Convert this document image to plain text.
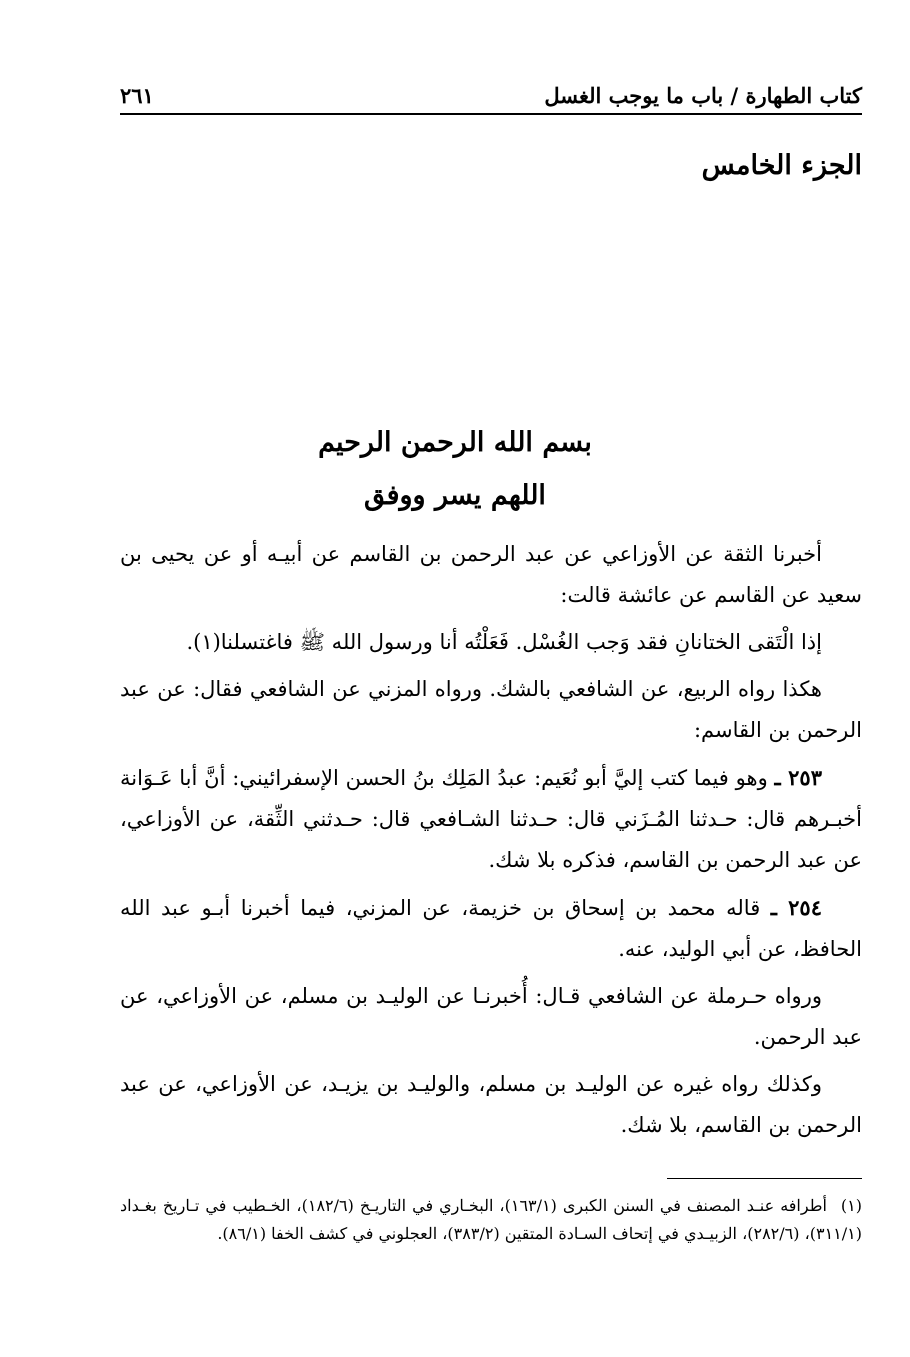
٢٦١	كتاب الطهارة / باب ما يوجب الغسل
الجزء الخامس
بسم الله الرحمن الرحيم
اللهم يسر ووفق

أخبرنا الثقة عن الأوزاعي عن عبد الرحمن بن القاسم عن أبيـه أو عن يحيى بن سعيد عن القاسم عن عائشة قالت:

إذا الْتَقى الختانانِ فقد وَجب الغُسْل. فَعَلْتُه أنا ورسول الله ﷺ فاغتسلنا(١).

هكذا رواه الربيع، عن الشافعي بالشك. ورواه المزني عن الشافعي فقال: عن عبد الرحمن بن القاسم:

٢٥٣ ـ وهو فيما كتب إليَّ أبو نُعَيم: عبدُ المَلِك بنُ الحسن الإسفرائيني: أنَّ أبا عَـوَانة أخبـرهم قال: حـدثنا المُـزَني قال: حـدثنا الشـافعي قال: حـدثني الثِّقة، عن الأوزاعي، عن عبد الرحمن بن القاسم، فذكره بلا شك.

٢٥٤ ـ قاله محمد بن إسحاق بن خزيمة، عن المزني، فيما أخبرنا أبـو عبد الله الحافظ، عن أبي الوليد، عنه.

ورواه حـرملة عن الشافعي قـال: أُخبرنـا عن الوليـد بن مسلم، عن الأوزاعي، عن عبد الرحمن.

وكذلك رواه غيره عن الوليـد بن مسلم، والوليـد بن يزيـد، عن الأوزاعي، عن عبد الرحمن بن القاسم، بلا شك.

(١) أطرافه عنـد المصنف في السنن الكبرى (١٦٣/١)، البخـاري في التاريـخ (١٨٢/٦)، الخـطيب في تـاريخ بغـداد (٣١١/١)، (٢٨٢/٦)، الزبيـدي في إتحاف السـادة المتقين (٣٨٣/٢)، العجلوني في كشف الخفا (٨٦/١).
